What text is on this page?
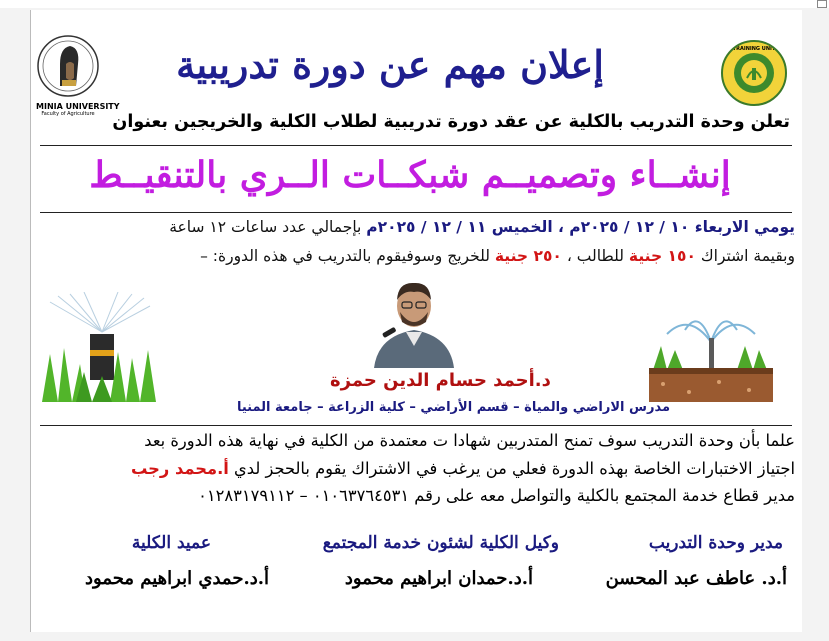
MINIA UNIVERSITY
Faculty of Agriculture
TRAINING UNIT
إعلان مهم عن دورة تدريبية
تعلن وحدة التدريب بالكلية عن عقد دورة تدريبية لطلاب الكلية والخريجين بعنوان
إنشــاء وتصميــم شبكــات الــري بالتنقيــط
يومي الاربعاء ١٠ / ١٢ / ٢٠٢٥م ، الخميس ١١ / ١٢ / ٢٠٢٥م بإجمالي عدد ساعات ١٢ ساعة
وبقيمة اشتراك ١٥٠ جنية للطالب ، ٢٥٠ جنية للخريج وسوفيقوم بالتدريب في هذه الدورة: –
د.أحمد حسام الدين حمزة
مدرس الاراضي والمياة – قسم الأراضي – كلية الزراعة – جامعة المنيا
علما بأن وحدة التدريب سوف تمنح المتدربين شهادا ت معتمدة من الكلية في نهاية هذه الدورة بعد
اجتياز الاختبارات الخاصة بهذه الدورة فعلي من يرغب في الاشتراك يقوم بالحجز لدي أ.محمد رجب
مدير قطاع خدمة المجتمع بالكلية والتواصل معه على رقم ٠١٠٦٣٧٦٤٥٣١ – ٠١٢٨٣١٧٩١١٢
مدير وحدة التدريب
وكيل الكلية لشئون خدمة المجتمع
عميد الكلية
أ.د. عاطف عبد المحسن
أ.د.حمدان ابراهيم محمود
أ.د.حمدي ابراهيم محمود
